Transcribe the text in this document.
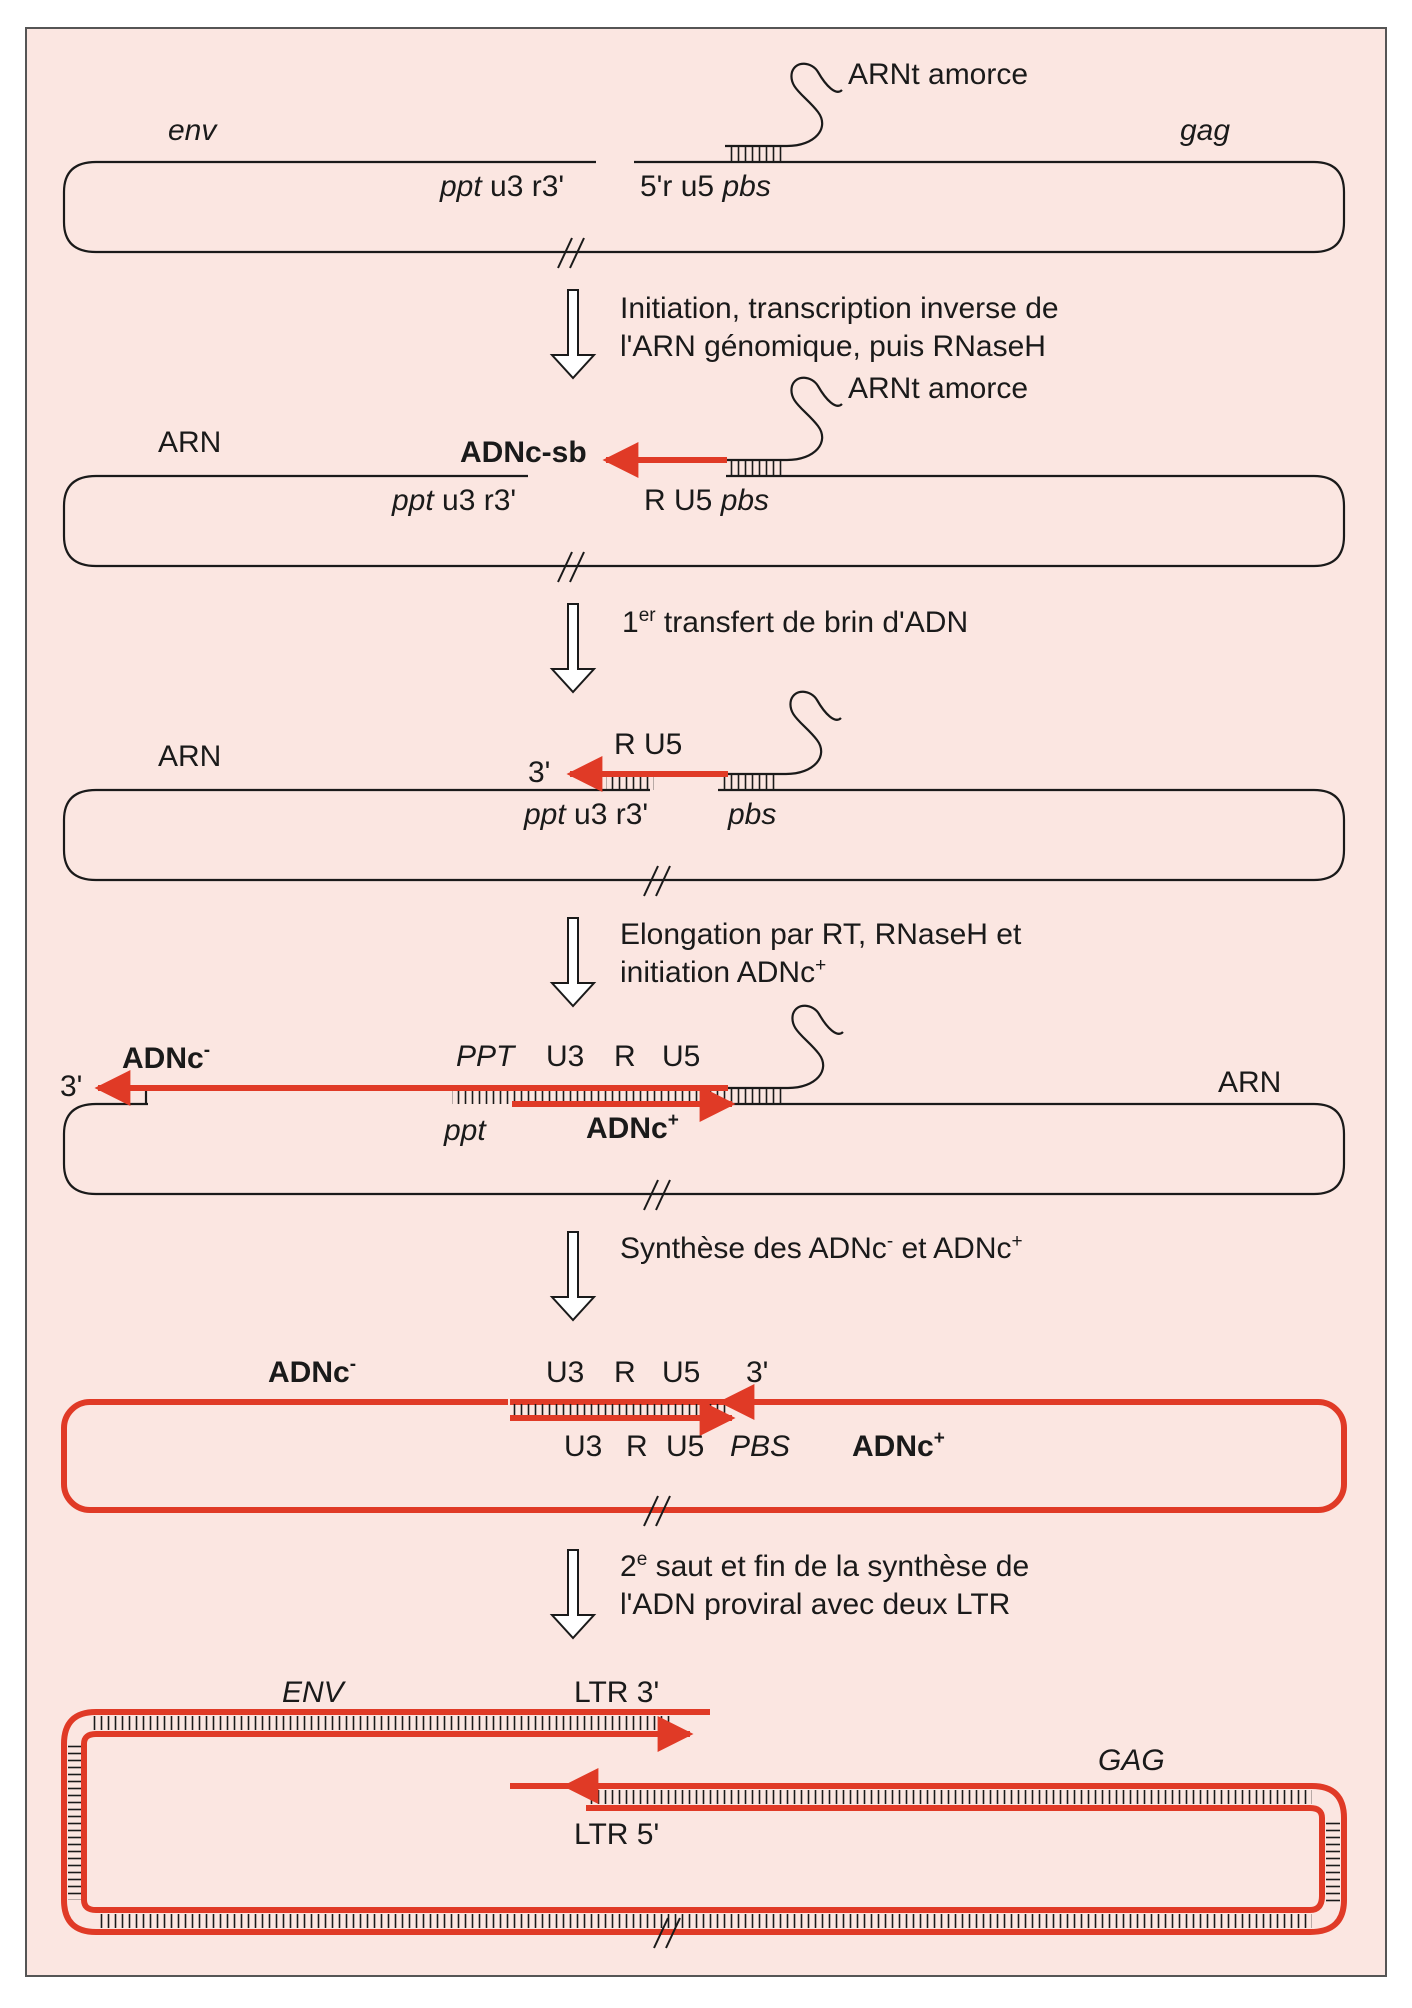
ARNt amorce
env	gag
ppt u3 r3'	5'r u5 pbs
Initiation, transcription inverse de
l'ARN génomique, puis RNaseH
ARNt amorce
ARN	ADNc-sb
ppt u3 r3'	R U5 pbs
1er transfert de brin d'ADN
R U5
ARN	3'
ppt u3 r3'	pbs
Elongation par RT, RNaseH et
initiation ADNc+
ADNc-
3'
PPT U3 R U5
ARN
ppt	ADNc+
Synthèse des ADNc- et ADNc+
ADNc-	U3 R U5 3'
U3 R U5 PBS ADNc+
2e saut et fin de la synthèse de
l'ADN proviral avec deux LTR
ENV	LTR 3'
GAG
LTR 5'
